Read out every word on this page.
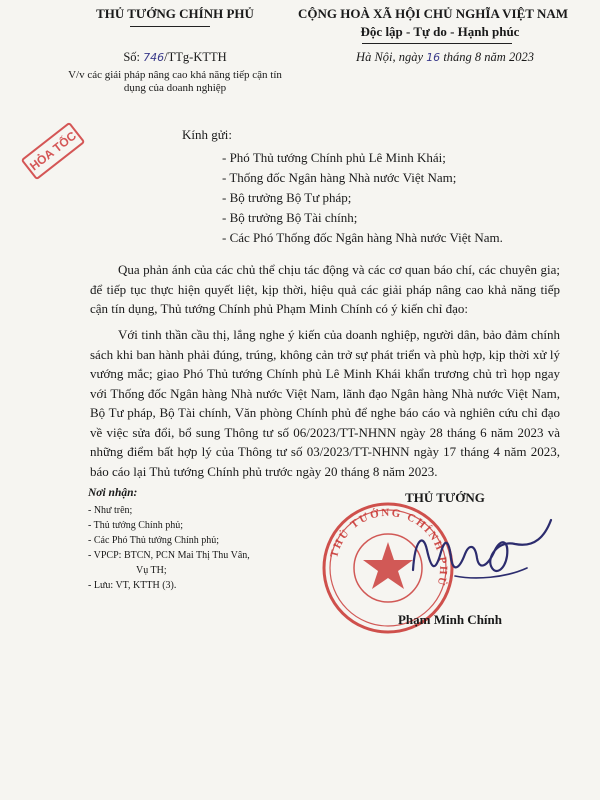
THỦ TƯỚNG CHÍNH PHỦ	CỘNG HOÀ XÃ HỘI CHỦ NGHĨA VIỆT NAM
Độc lập - Tự do - Hạnh phúc
Số: 746/TTg-KTTH
V/v các giải pháp nâng cao khả năng tiếp cận tín dụng của doanh nghiệp
Hà Nội, ngày 16 tháng 8 năm 2023
HỎA TỐC	Kính gửi:
- Phó Thủ tướng Chính phủ Lê Minh Khái;
- Thống đốc Ngân hàng Nhà nước Việt Nam;
- Bộ trưởng Bộ Tư pháp;
- Bộ trưởng Bộ Tài chính;
- Các Phó Thống đốc Ngân hàng Nhà nước Việt Nam.
Qua phản ánh của các chủ thể chịu tác động và các cơ quan báo chí, các chuyên gia; để tiếp tục thực hiện quyết liệt, kịp thời, hiệu quả các giải pháp nâng cao khả năng tiếp cận tín dụng, Thủ tướng Chính phủ Phạm Minh Chính có ý kiến chỉ đạo:
Với tinh thần cầu thị, lắng nghe ý kiến của doanh nghiệp, người dân, bảo đảm chính sách khi ban hành phải đúng, trúng, không cản trở sự phát triển và phù hợp, kịp thời xử lý vướng mắc; giao Phó Thủ tướng Chính phủ Lê Minh Khái khẩn trương chủ trì họp ngay với Thống đốc Ngân hàng Nhà nước Việt Nam, lãnh đạo Ngân hàng Nhà nước Việt Nam, Bộ Tư pháp, Bộ Tài chính, Văn phòng Chính phủ để nghe báo cáo và nghiên cứu chỉ đạo về việc sửa đổi, bổ sung Thông tư số 06/2023/TT-NHNN ngày 28 tháng 6 năm 2023 và những điểm bất hợp lý của Thông tư số 03/2023/TT-NHNN ngày 17 tháng 4 năm 2023, báo cáo lại Thủ tướng Chính phủ trước ngày 20 tháng 8 năm 2023.
Nơi nhận:
- Như trên;
- Thủ tướng Chính phủ;
- Các Phó Thủ tướng Chính phủ;
- VPCP: BTCN, PCN Mai Thị Thu Vân,
Vụ TH;
- Lưu: VT, KTTH (3).
THỦ TƯỚNG
THỦ TƯỚNG CHÍNH PHỦ
Phạm Minh Chính
